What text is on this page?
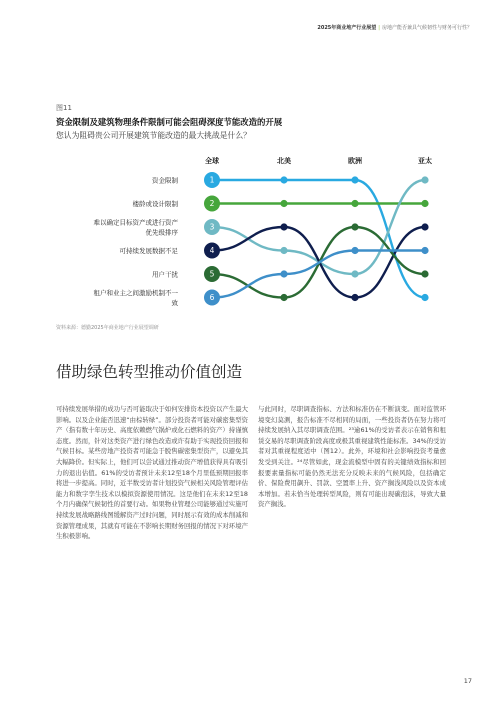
2025年商业地产行业展望 | 房地产能否兼具气候韧性与财务可行性？
图11
资金限制及建筑物理条件限制可能会阻碍深度节能改造的开展
您认为阻碍贵公司开展建筑节能改造的最大挑战是什么？
全球	北美	欧洲	亚太
资金限制
楼龄或设计限制
难以确定目标资产或进行资产优先级排序
可持续发展数据不足
用户干扰
租户和业主之间激励机制不一致
1
2
3
4
5
6
资料来源：德勤2025年商业地产行业展望调研
借助绿色转型推动价值创造
可持续发展举措的成功与否可能取决于如何安排资本投资以产生最大影响。以及企业能否迅速“由棕转绿”。部分投资者可能对碳密集型资产（指有数十年历史、高度依赖燃气锅炉或化石燃料的资产）持谨慎态度。然而，针对这类资产进行绿色改造或许有助于实现投资回报和气候目标。某些房地产投资者可能急于脱售碳密集型资产，以避免其大幅降价。但实际上，他们可以尝试通过推动资产增值获得具有吸引力的退出估值。61%的受访者预计未来12至18个月里低预期回报率将进一步提高。同时，近半数受访者计划投资气候相关风险管理评估能力和数字孪生技术以模拟资源使用情况。这是他们在未来12至18个月内确保气候韧性的首要行动。如果物业管理公司能够通过实施可持续发展战略路线图缓解资产过时问题，同时展示有效的成本削减和资源管理成果，其就有可能在不影响长期财务回报的情况下对环境产生积极影响。
与此同时，尽职调查指标、方法和标准仍在不断演变。面对监管环境变幻莫测，报告标准不尽相同的局面，一些投资者仍在努力将可持续发展纳入其尽职调查范围。²³逾61%的受访者表示在销售和租赁交易的尽职调查阶段高度或极其重视建筑性能标准。34%的受访者对其重视程度适中（图12）。此外，环境和社会影响投资考量愈发受到关注。²⁴尽管如此，现金流模型中固有的关键绩效指标和回报要素量指标可能仍然无法充分反映未来的气候风险，包括确定价、保险费用飙升、罚款、空置率上升、资产搁浅风险以及资本成本增加。若未恰当处理转型风险，则有可能出现碳泡沫，导致大量资产搁浅。
17
